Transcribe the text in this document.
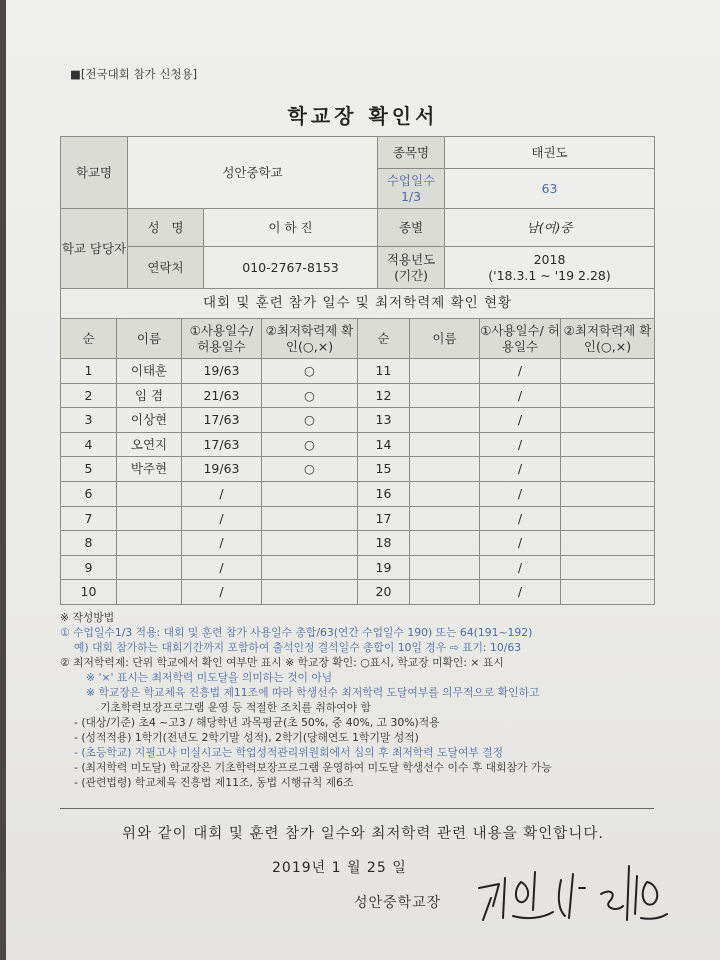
■[전국대회 참가 신청용]
학교장 확인서
학교명	성안중학교		종목명	태권도
			수업일수 1/3	63
학교 담당자	성   명	이 하 진	종별	남(여)중
	연락처	010-2767-8153	적용년도 (기간)	2018
('18.3.1 ~ '19 2.28)

대회 및 훈련 참가 일수 및 최저학력제 확인 현황				
순	이름	①사용일수/ 허용일수	②최저학력제 확인(○,×)	순	이름	①사용일수/ 허용일수	②최저학력제 확인(○,×)
1	이태훈	19/63	○	11		/	
2	임 겸	21/63	○	12		/	
3	이상현	17/63	○	13		/	
4	오연지	17/63	○	14		/	
5	박주현	19/63	○	15		/	
6		/		16		/	
7		/		17		/	
8		/		18		/	
9		/		19		/	
10		/		20		/	
※ 작성방법
① 수업일수1/3 적용: 대회 및 훈련 참가 사용일수 총합/63(연간 수업일수 190) 또는 64(191~192)
예) 대회 참가하는 대회기간까지 포함하여 출석인정 결석일수 총합이 10일 경우 ⇨ 표기: 10/63
② 최저학력제: 단위 학교에서 확인 여부만 표시 ※ 학교장 확인: ○표시, 학교장 미확인: × 표시
※ '×' 표시는 최저학력 미도달을 의미하는 것이 아님
※ 학교장은 학교체육 진흥법 제11조에 따라 학생선수 최저학력 도달여부를 의무적으로 확인하고
기초학력보장프로그램 운영 등 적절한 조치를 취하여야 함
- (대상/기준) 초4 ~고3 / 해당학년 과목평균(초 50%, 중 40%, 고 30%)적용
- (성적적용) 1학기(전년도 2학기말 성적), 2학기(당해연도 1학기말 성적)
- (초등학교) 지필고사 미실시교는 학업성적관리위원회에서 심의 후 최저학력 도달여부 결정
- (최저학력 미도달) 학교장은 기초학력보장프로그램 운영하여 미도달 학생선수 이수 후 대회참가 가능
- (관련법령) 학교체육 진흥법 제11조, 동법 시행규칙 제6조
위와 같이 대회 및 훈련 참가 일수와 최저학력 관련 내용을 확인합니다.
2019년 1 월 25 일
성안중학교장
